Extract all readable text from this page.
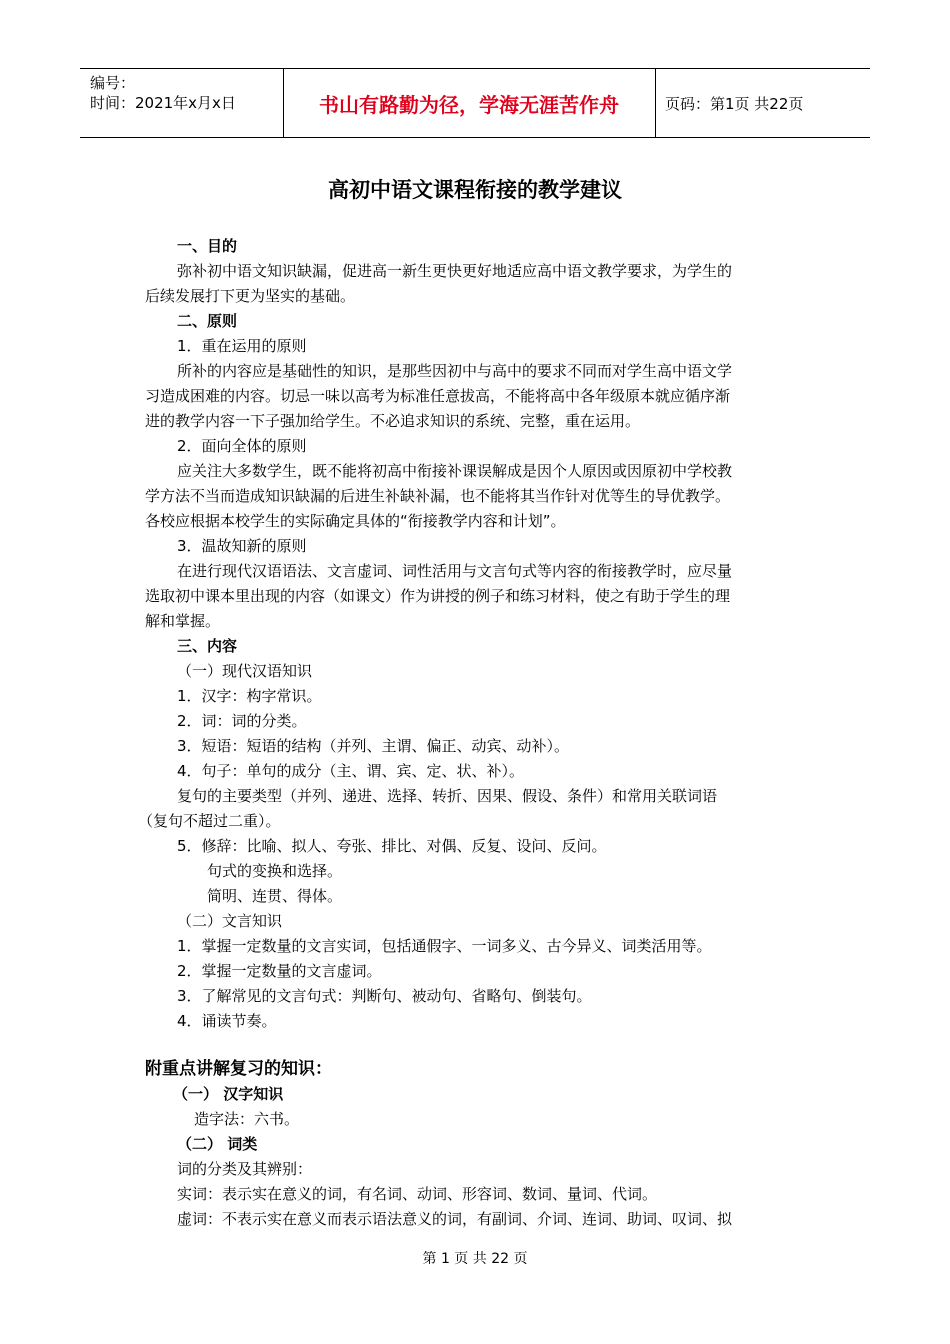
编号：
时间：2021年x月x日	书山有路勤为径，学海无涯苦作舟	页码：第1页 共22页
高初中语文课程衔接的教学建议
一、目的
弥补初中语文知识缺漏，促进高一新生更快更好地适应高中语文教学要求，为学生的
后续发展打下更为坚实的基础。
二、原则
1．重在运用的原则
所补的内容应是基础性的知识，是那些因初中与高中的要求不同而对学生高中语文学
习造成困难的内容。切忌一味以高考为标准任意拔高，不能将高中各年级原本就应循序渐
进的教学内容一下子强加给学生。不必追求知识的系统、完整，重在运用。
2．面向全体的原则
应关注大多数学生，既不能将初高中衔接补课误解成是因个人原因或因原初中学校教
学方法不当而造成知识缺漏的后进生补缺补漏，也不能将其当作针对优等生的导优教学。
各校应根据本校学生的实际确定具体的“衔接教学内容和计划”。
3．温故知新的原则
在进行现代汉语语法、文言虚词、词性活用与文言句式等内容的衔接教学时，应尽量
选取初中课本里出现的内容（如课文）作为讲授的例子和练习材料，使之有助于学生的理
解和掌握。
三、内容
（一）现代汉语知识
1．汉字：构字常识。
2．词：词的分类。
3．短语：短语的结构（并列、主谓、偏正、动宾、动补）。
4．句子：单句的成分（主、谓、宾、定、状、补）。
复句的主要类型（并列、递进、选择、转折、因果、假设、条件）和常用关联词语
（复句不超过二重）。
5．修辞：比喻、拟人、夸张、排比、对偶、反复、设问、反问。
句式的变换和选择。
简明、连贯、得体。
（二）文言知识
1．掌握一定数量的文言实词，包括通假字、一词多义、古今异义、词类活用等。
2．掌握一定数量的文言虚词。
3．了解常见的文言句式：判断句、被动句、省略句、倒装句。
4．诵读节奏。
附重点讲解复习的知识：
（一） 汉字知识
造字法：六书。
（二） 词类
词的分类及其辨别：
实词：表示实在意义的词，有名词、动词、形容词、数词、量词、代词。
虚词：不表示实在意义而表示语法意义的词，有副词、介词、连词、助词、叹词、拟
第 1 页 共 22 页
